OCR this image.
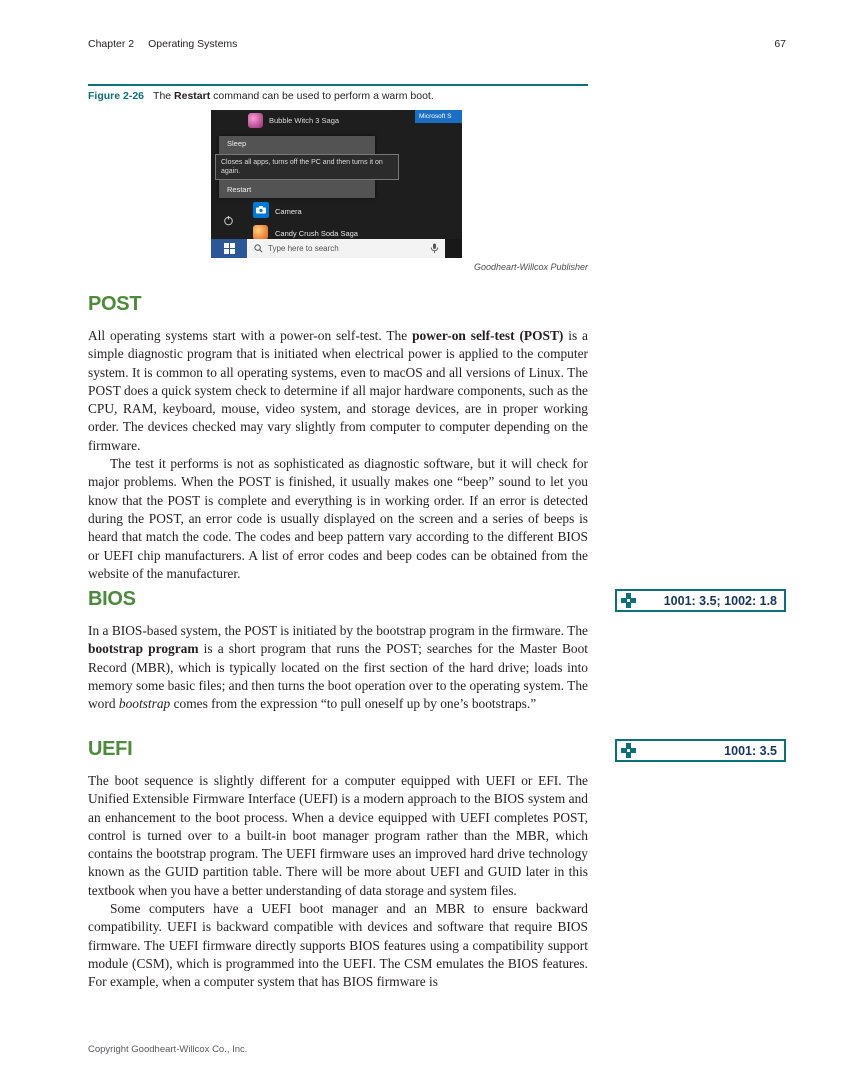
Chapter 2 Operating Systems	67
Figure 2-26 The Restart command can be used to perform a warm boot.
Bubble Witch 3 Saga	Microsoft S
Sleep
Restart
Closes all apps, turns off the PC and then turns it on again.
Camera
Candy Crush Soda Saga
Type here to search
Goodheart-Willcox Publisher
POST

All operating systems start with a power-on self-test. The power-on self-test (POST) is a simple diagnostic program that is initiated when electrical power is applied to the computer system. It is common to all operating systems, even to macOS and all versions of Linux. The POST does a quick system check to determine if all major hardware components, such as the CPU, RAM, keyboard, mouse, video system, and storage devices, are in proper working order. The devices checked may vary slightly from computer to computer depending on the firmware.

The test it performs is not as sophisticated as diagnostic software, but it will check for major problems. When the POST is finished, it usually makes one “beep” sound to let you know that the POST is complete and everything is in working order. If an error is detected during the POST, an error code is usually displayed on the screen and a series of beeps is heard that match the code. The codes and beep pattern vary according to the different BIOS or UEFI chip manufacturers. A list of error codes and beep codes can be obtained from the website of the manufacturer.

BIOS

In a BIOS-based system, the POST is initiated by the bootstrap program in the firmware. The bootstrap program is a short program that runs the POST; searches for the Master Boot Record (MBR), which is typically located on the first section of the hard drive; loads into memory some basic files; and then turns the boot operation over to the operating system. The word bootstrap comes from the expression “to pull oneself up by one’s bootstraps.”

UEFI

The boot sequence is slightly different for a computer equipped with UEFI or EFI. The Unified Extensible Firmware Interface (UEFI) is a modern approach to the BIOS system and an enhancement to the boot process. When a device equipped with UEFI completes POST, control is turned over to a built-in boot manager program rather than the MBR, which contains the bootstrap program. The UEFI firmware uses an improved hard drive technology known as the GUID partition table. There will be more about UEFI and GUID later in this textbook when you have a better understanding of data storage and system files.

Some computers have a UEFI boot manager and an MBR to ensure backward compatibility. UEFI is backward compatible with devices and software that require BIOS firmware. The UEFI firmware directly supports BIOS features using a compatibility support module (CSM), which is programmed into the UEFI. The CSM emulates the BIOS features. For example, when a computer system that has BIOS firmware is

1001: 3.5; 1002: 1.8
1001: 3.5
Copyright Goodheart-Willcox Co., Inc.
